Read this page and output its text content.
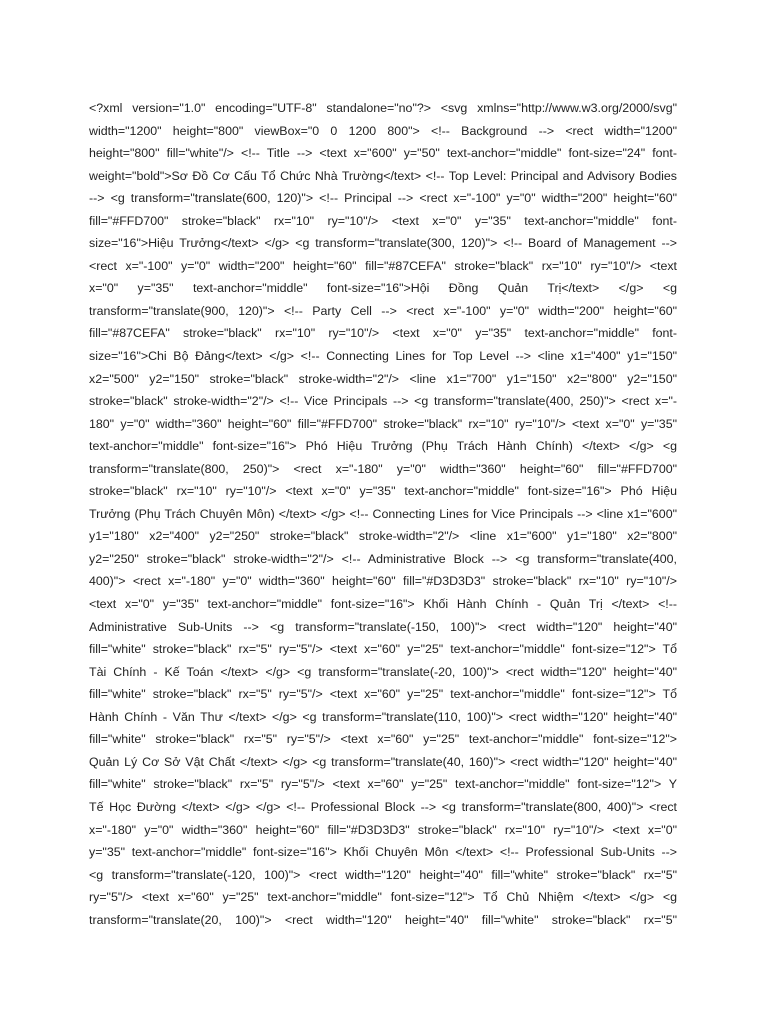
<?xml version="1.0" encoding="UTF-8" standalone="no"?> <svg xmlns="http://www.w3.org/2000/svg"
width="1200" height="800" viewBox="0 0 1200 800"> <!-- Background --> <rect width="1200"
height="800" fill="white"/> <!-- Title --> <text x="600" y="50" text-anchor="middle" font-size="24" font-
weight="bold">Sơ Đồ Cơ Cấu Tổ Chức Nhà Trường</text> <!-- Top Level: Principal and Advisory Bodies
--> <g transform="translate(600, 120)"> <!-- Principal --> <rect x="-100" y="0" width="200" height="60"
fill="#FFD700" stroke="black" rx="10" ry="10"/> <text x="0" y="35" text-anchor="middle" font-
size="16">Hiệu Trưởng</text> </g> <g transform="translate(300, 120)"> <!-- Board of Management -->
<rect x="-100" y="0" width="200" height="60" fill="#87CEFA" stroke="black" rx="10" ry="10"/> <text
x="0" y="35" text-anchor="middle" font-size="16">Hội Đồng Quản Trị</text> </g> <g
transform="translate(900, 120)"> <!-- Party Cell --> <rect x="-100" y="0" width="200" height="60"
fill="#87CEFA" stroke="black" rx="10" ry="10"/> <text x="0" y="35" text-anchor="middle" font-
size="16">Chi Bộ Đảng</text> </g> <!-- Connecting Lines for Top Level --> <line x1="400" y1="150"
x2="500" y2="150" stroke="black" stroke-width="2"/> <line x1="700" y1="150" x2="800" y2="150"
stroke="black" stroke-width="2"/> <!-- Vice Principals --> <g transform="translate(400, 250)"> <rect x="-
180" y="0" width="360" height="60" fill="#FFD700" stroke="black" rx="10" ry="10"/> <text x="0" y="35"
text-anchor="middle" font-size="16"> Phó Hiệu Trưởng (Phụ Trách Hành Chính) </text> </g> <g
transform="translate(800, 250)"> <rect x="-180" y="0" width="360" height="60" fill="#FFD700"
stroke="black" rx="10" ry="10"/> <text x="0" y="35" text-anchor="middle" font-size="16"> Phó Hiệu
Trưởng (Phụ Trách Chuyên Môn) </text> </g> <!-- Connecting Lines for Vice Principals --> <line x1="600"
y1="180" x2="400" y2="250" stroke="black" stroke-width="2"/> <line x1="600" y1="180" x2="800"
y2="250" stroke="black" stroke-width="2"/> <!-- Administrative Block --> <g transform="translate(400,
400)"> <rect x="-180" y="0" width="360" height="60" fill="#D3D3D3" stroke="black" rx="10" ry="10"/>
<text x="0" y="35" text-anchor="middle" font-size="16"> Khối Hành Chính - Quản Trị </text> <!--
Administrative Sub-Units --> <g transform="translate(-150, 100)"> <rect width="120" height="40"
fill="white" stroke="black" rx="5" ry="5"/> <text x="60" y="25" text-anchor="middle" font-size="12"> Tổ
Tài Chính - Kế Toán </text> </g> <g transform="translate(-20, 100)"> <rect width="120" height="40"
fill="white" stroke="black" rx="5" ry="5"/> <text x="60" y="25" text-anchor="middle" font-size="12"> Tổ
Hành Chính - Văn Thư </text> </g> <g transform="translate(110, 100)"> <rect width="120" height="40"
fill="white" stroke="black" rx="5" ry="5"/> <text x="60" y="25" text-anchor="middle" font-size="12">
Quản Lý Cơ Sở Vật Chất </text> </g> <g transform="translate(40, 160)"> <rect width="120" height="40"
fill="white" stroke="black" rx="5" ry="5"/> <text x="60" y="25" text-anchor="middle" font-size="12"> Y
Tế Học Đường </text> </g> </g> <!-- Professional Block --> <g transform="translate(800, 400)"> <rect
x="-180" y="0" width="360" height="60" fill="#D3D3D3" stroke="black" rx="10" ry="10"/> <text x="0"
y="35" text-anchor="middle" font-size="16"> Khối Chuyên Môn </text> <!-- Professional Sub-Units -->
<g transform="translate(-120, 100)"> <rect width="120" height="40" fill="white" stroke="black" rx="5"
ry="5"/> <text x="60" y="25" text-anchor="middle" font-size="12"> Tổ Chủ Nhiệm </text> </g> <g
transform="translate(20, 100)"> <rect width="120" height="40" fill="white" stroke="black" rx="5"
